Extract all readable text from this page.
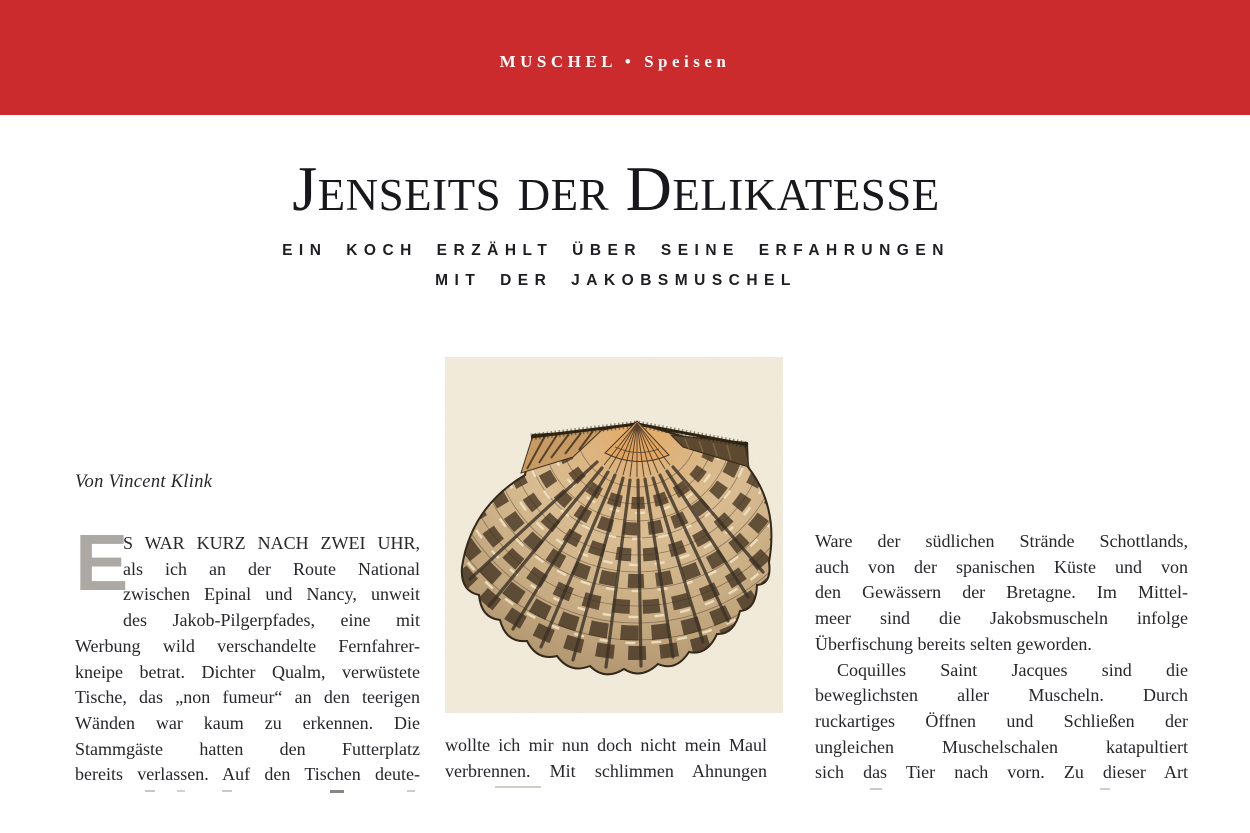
MUSCHEL • Speisen
Jenseits der Delikatesse
EIN KOCH ERZÄHLT ÜBER SEINE ERFAHRUNGEN
MIT DER JAKOBSMUSCHEL
Von Vincent Klink
E
S WAR KURZ NACH ZWEI UHR,
als ich an der Route National
zwischen Epinal und Nancy, unweit
des Jakob-Pilgerpfades, eine mit
Werbung wild verschandelte Fernfahrer-
kneipe betrat. Dichter Qualm, verwüstete
Tische, das „non fumeur“ an den teerigen
Wänden war kaum zu erkennen. Die
Stammgäste hatten den Futterplatz
bereits verlassen. Auf den Tischen deute-
wollte ich mir nun doch nicht mein Maul
verbrennen. Mit schlimmen Ahnungen
Ware der südlichen Strände Schottlands,
auch von der spanischen Küste und von
den Gewässern der Bretagne. Im Mittel-
meer sind die Jakobsmuscheln infolge
Überfischung bereits selten geworden.
Coquilles Saint Jacques sind die
beweglichsten aller Muscheln. Durch
ruckartiges Öffnen und Schließen der
ungleichen Muschelschalen katapultiert
sich das Tier nach vorn. Zu dieser Art
